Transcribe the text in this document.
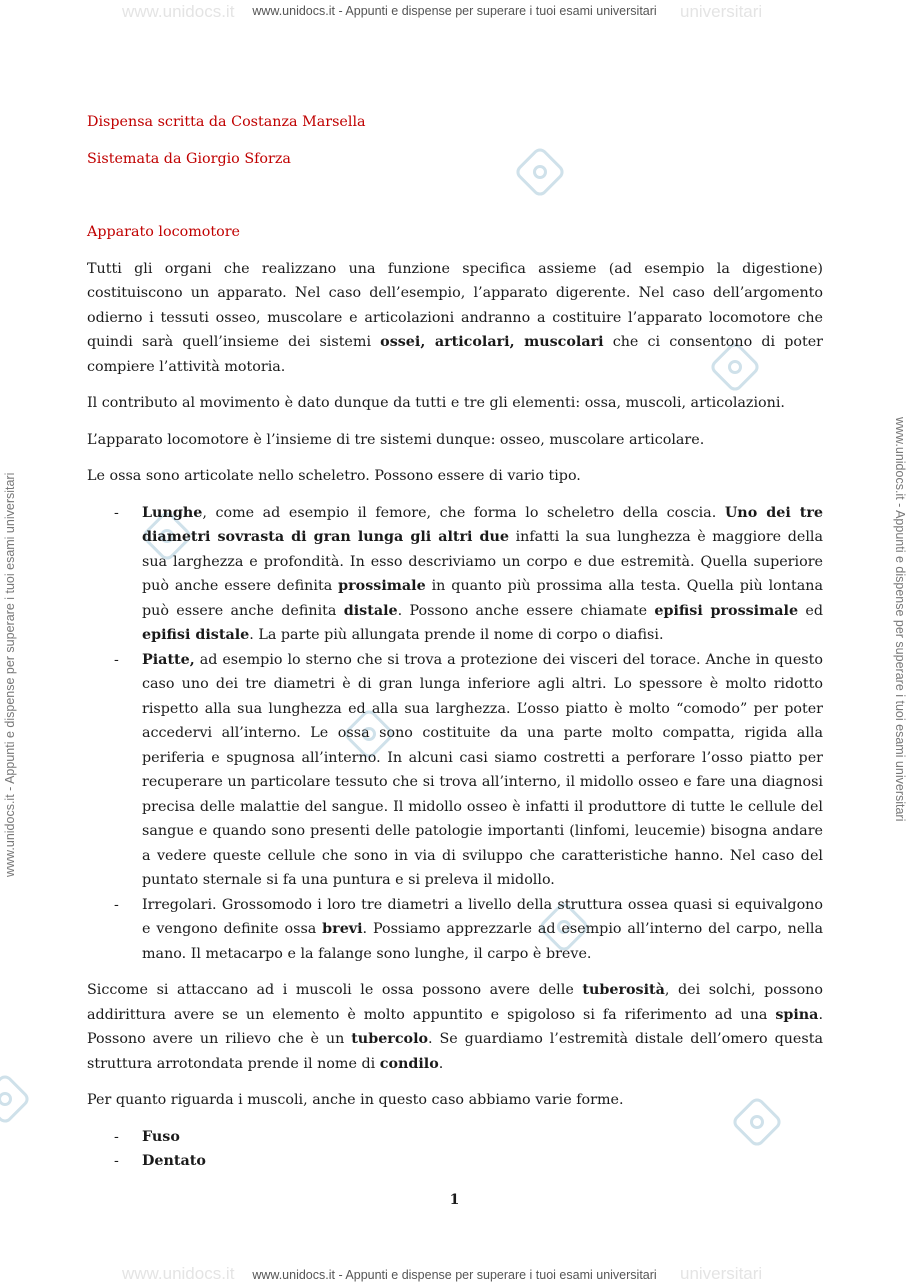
www.unidocs.it	universitari
www.unidocs.it - Appunti e dispense per superare i tuoi esami universitari
www.unidocs.it	universitari
www.unidocs.it - Appunti e dispense per superare i tuoi esami universitari
www.unidocs.it - Appunti e dispense per superare i tuoi esami universitari	www.unidocs.it - Appunti e dispense per superare i tuoi esami universitari

Dispensa scritta da Costanza Marsella

Sistemata da Giorgio Sforza

Apparato locomotore

Tutti gli organi che realizzano una funzione specifica assieme (ad esempio la digestione) costituiscono un apparato. Nel caso dell’esempio, l’apparato digerente. Nel caso dell’argomento odierno i tessuti osseo, muscolare e articolazioni andranno a costituire l’apparato locomotore che quindi sarà quell’insieme dei sistemi ossei, articolari, muscolari che ci consentono di poter compiere l’attività motoria.

Il contributo al movimento è dato dunque da tutti e tre gli elementi: ossa, muscoli, articolazioni.

L’apparato locomotore è l’insieme di tre sistemi dunque: osseo, muscolare articolare.

Le ossa sono articolate nello scheletro. Possono essere di vario tipo.

- Lunghe, come ad esempio il femore, che forma lo scheletro della coscia. Uno dei tre diametri sovrasta di gran lunga gli altri due infatti la sua lunghezza è maggiore della sua larghezza e profondità. In esso descriviamo un corpo e due estremità. Quella superiore può anche essere definita prossimale in quanto più prossima alla testa. Quella più lontana può essere anche definita distale. Possono anche essere chiamate epifisi prossimale ed epifisi distale. La parte più allungata prende il nome di corpo o diafisi.
- Piatte, ad esempio lo sterno che si trova a protezione dei visceri del torace. Anche in questo caso uno dei tre diametri è di gran lunga inferiore agli altri. Lo spessore è molto ridotto rispetto alla sua lunghezza ed alla sua larghezza. L’osso piatto è molto “comodo” per poter accedervi all’interno. Le ossa sono costituite da una parte molto compatta, rigida alla periferia e spugnosa all’interno. In alcuni casi siamo costretti a perforare l’osso piatto per recuperare un particolare tessuto che si trova all’interno, il midollo osseo e fare una diagnosi precisa delle malattie del sangue. Il midollo osseo è infatti il produttore di tutte le cellule del sangue e quando sono presenti delle patologie importanti (linfomi, leucemie) bisogna andare a vedere queste cellule che sono in via di sviluppo che caratteristiche hanno. Nel caso del puntato sternale si fa una puntura e si preleva il midollo.
- Irregolari. Grossomodo i loro tre diametri a livello della struttura ossea quasi si equivalgono e vengono definite ossa brevi. Possiamo apprezzarle ad esempio all’interno del carpo, nella mano. Il metacarpo e la falange sono lunghe, il carpo è breve.

Siccome si attaccano ad i muscoli le ossa possono avere delle tuberosità, dei solchi, possono addirittura avere se un elemento è molto appuntito e spigoloso si fa riferimento ad una spina. Possono avere un rilievo che è un tubercolo. Se guardiamo l’estremità distale dell’omero questa struttura arrotondata prende il nome di condilo.

Per quanto riguarda i muscoli, anche in questo caso abbiamo varie forme.

- Fuso
- Dentato
1
